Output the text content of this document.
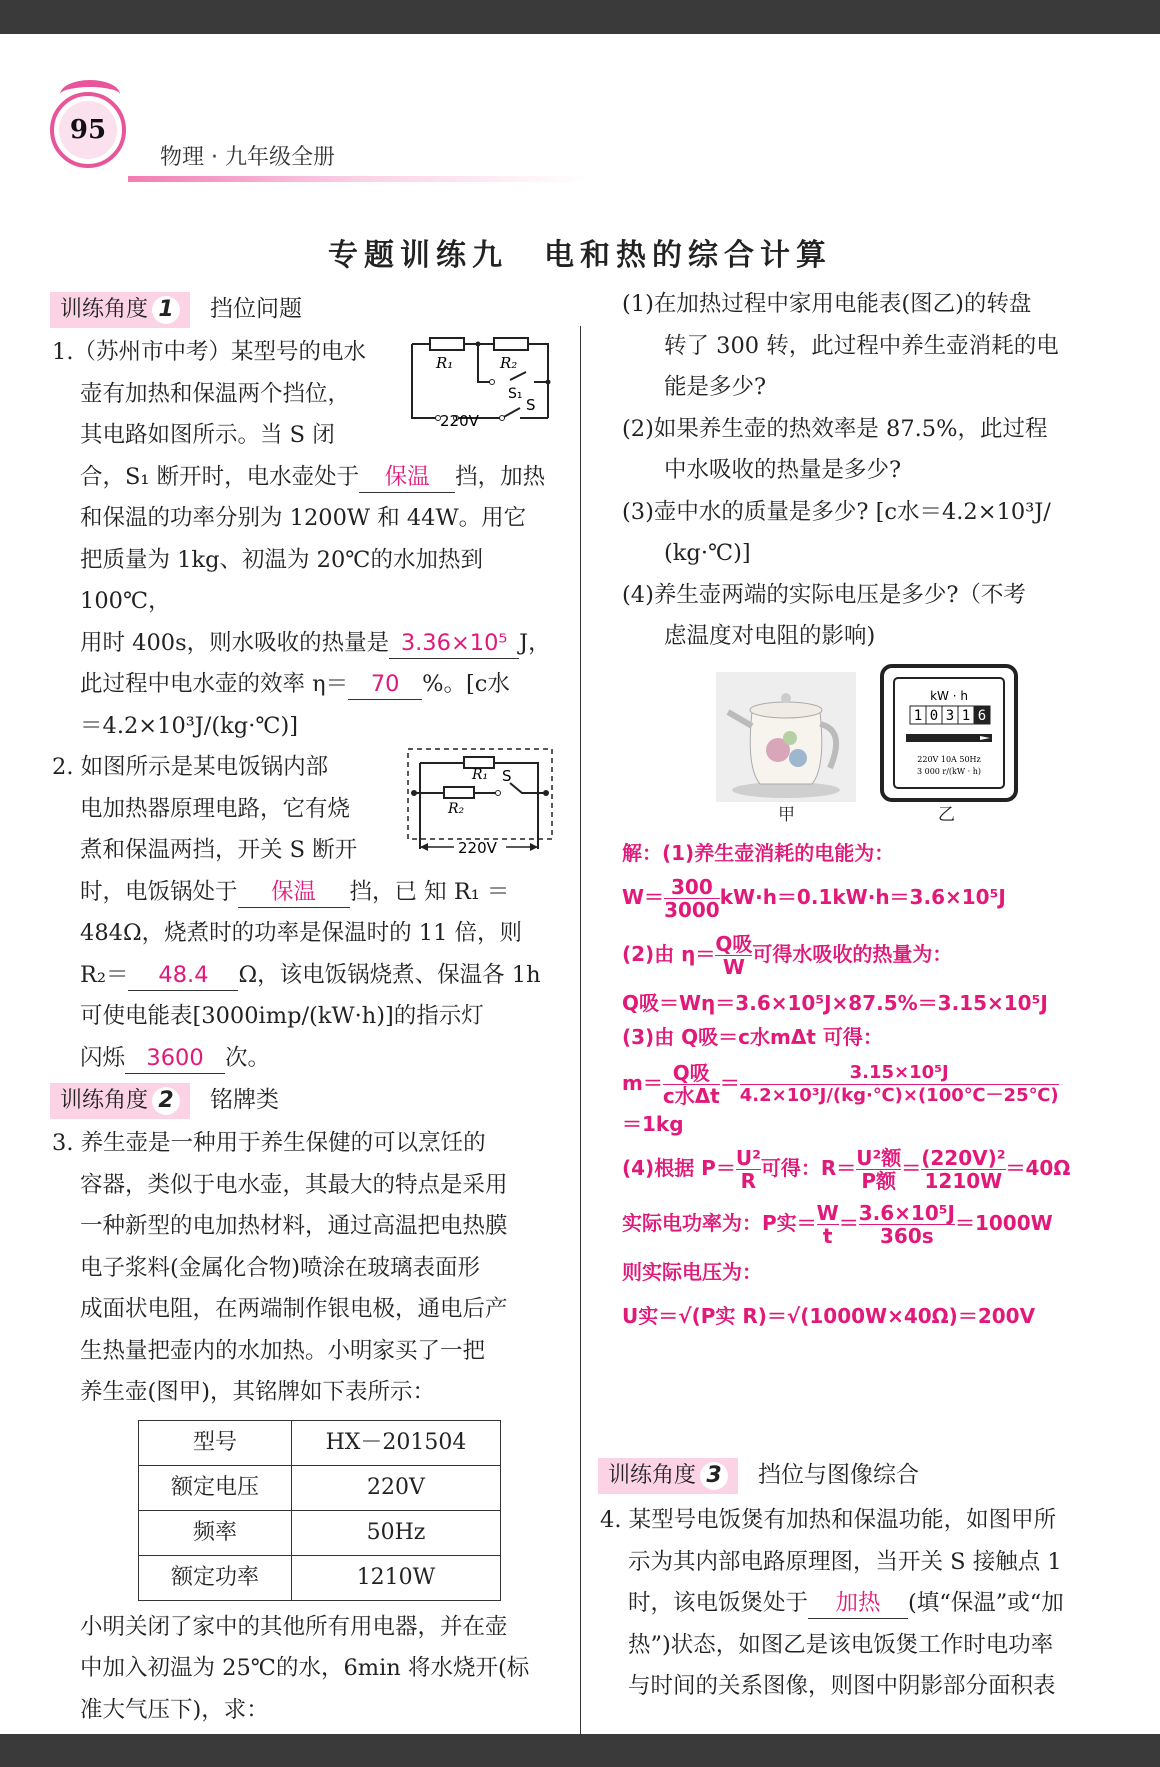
95
物理 · 九年级全册
专题训练九　电和热的综合计算
训练角度 1	挡位问题
1.（苏州市中考）某型号的电水
壶有加热和保温两个挡位，
其电路如图所示。当 S 闭
合，S₁ 断开时，电水壶处于 保温 挡，加热
和保温的功率分别为 1200W 和 44W。用它
把质量为 1kg、初温为 20℃的水加热到 100℃，
用时 400s，则水吸收的热量是 3.36×10⁵ J，
此过程中电水壶的效率 η＝ 70 %。[c水
＝4.2×10³J/(kg·℃)]
R₁	R₂
S₁
S
220V
2. 如图所示是某电饭锅内部
电加热器原理电路，它有烧
煮和保温两挡，开关 S 断开
时，电饭锅处于 保温 挡，已 知 R₁ ＝
484Ω，烧煮时的功率是保温时的 11 倍，则
R₂＝ 48.4 Ω，该电饭锅烧煮、保温各 1h
可使电能表[3000imp/(kW·h)]的指示灯
闪烁 3600 次。
R₁ S
R₂
220V
训练角度 2	铭牌类
3. 养生壶是一种用于养生保健的可以烹饪的
容器，类似于电水壶，其最大的特点是采用
一种新型的电加热材料，通过高温把电热膜
电子浆料(金属化合物)喷涂在玻璃表面形
成面状电阻，在两端制作银电极，通电后产
生热量把壶内的水加热。小明家买了一把
养生壶(图甲)，其铭牌如下表所示：
型号	HX－201504
额定电压	220V
频率	50Hz
额定功率	1210W
小明关闭了家中的其他所有用电器，并在壶
中加入初温为 25℃的水，6min 将水烧开(标
准大气压下)，求：
(1)在加热过程中家用电能表(图乙)的转盘
转了 300 转，此过程中养生壶消耗的电
能是多少?
(2)如果养生壶的热效率是 87.5%，此过程
中水吸收的热量是多少?
(3)壶中水的质量是多少? [c水＝4.2×10³J/
(kg·℃)]
(4)养生壶两端的实际电压是多少?（不考
虑温度对电阻的影响)
kW · h
1 0 3 1 6
220V 10A 50Hz
3 000 r/(kW · h)
甲	乙
解：(1)养生壶消耗的电能为：
$W= \frac{300}{3000} kW\cdot h=0.1kW\cdot h=3.6\times 10^5J$
(2)由 $\eta= \frac{\text{Q吸}}{W}$ 可得水吸收的热量为：
Q吸＝Wη＝3.6×10⁵J×87.5%＝3.15×10⁵J
(3)由 Q吸＝c水mΔt 可得：
$m= \frac{\text{Q吸}}{\text{c水Δt}} = \frac{\text{3.15×10⁵J}}{\text{4.2×10³J/(kg·℃)×(100℃－25℃)}}$
＝1kg
(4)根据 $P= \frac{\text{U²}}{R}$ 可得：$R= \frac{\text{U²额}}{\text{P额}} = \frac{\text{(220V)²}}{1210W} =40\Omega$
实际电功率为：P实＝ $\frac{W}{t} = \frac{\text{3.6×10⁵J}}{360s} =1000W$
则实际电压为：
U实＝√(P实 R)＝√(1000W×40Ω)＝200V
训练角度 3	挡位与图像综合
4. 某型号电饭煲有加热和保温功能，如图甲所
示为其内部电路原理图，当开关 S 接触点 1
时，该电饭煲处于 加热 (填“保温”或“加
热”)状态，如图乙是该电饭煲工作时电功率
与时间的关系图像，则图中阴影部分面积表
